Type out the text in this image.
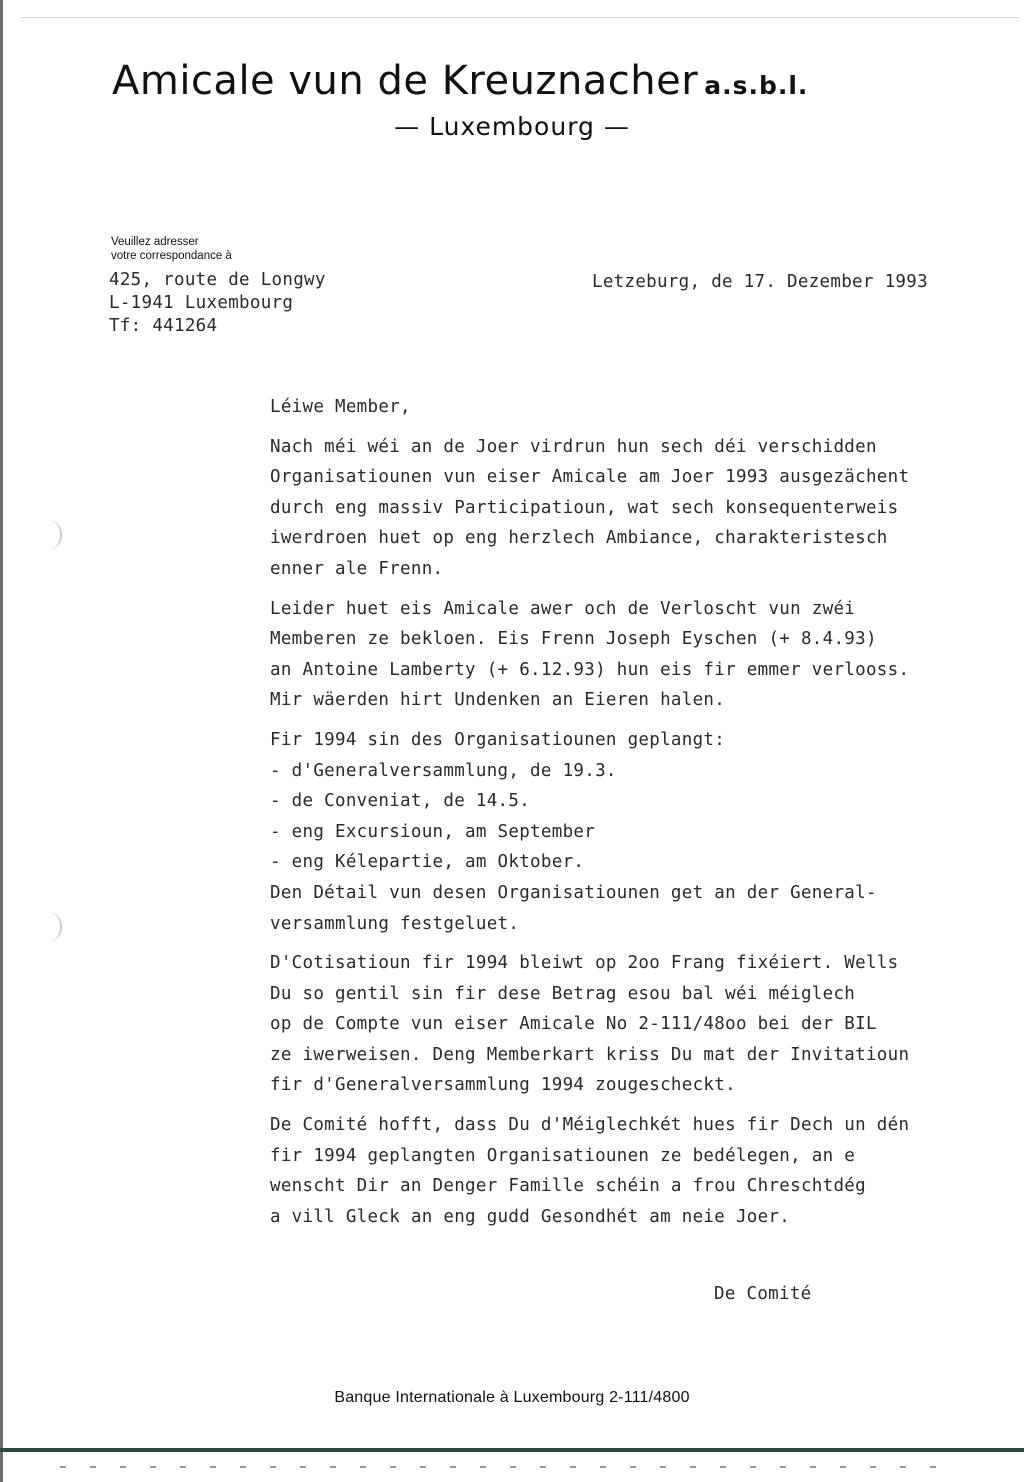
Amicale vun de Kreuznacher a.s.b.l.
— Luxembourg —
Veuillez adresser
votre correspondance à
425, route de Longwy
L-1941 Luxembourg
Tf: 441264
Letzeburg, de 17. Dezember 1993
Léiwe Member,
Nach méi wéi an de Joer virdrun hun sech déi verschidden
Organisatiounen vun eiser Amicale am Joer 1993 ausgezächent
durch eng massiv Participatioun, wat sech konsequenterweis
iwerdroen huet op eng herzlech Ambiance, charakteristesch
enner ale Frenn.
Leider huet eis Amicale awer och de Verloscht vun zwéi
Memberen ze bekloen. Eis Frenn Joseph Eyschen (+ 8.4.93)
an Antoine Lamberty (+ 6.12.93) hun eis fir emmer verlooss.
Mir wäerden hirt Undenken an Eieren halen.
Fir 1994 sin des Organisatiounen geplangt:
- d'Generalversammlung, de 19.3.
- de Conveniat, de 14.5.
- eng Excursioun, am September
- eng Kélepartie, am Oktober.
Den Détail vun desen Organisatiounen get an der General-
versammlung festgeluet.
D'Cotisatioun fir 1994 bleiwt op 2oo Frang fixéiert. Wells
Du so gentil sin fir dese Betrag esou bal wéi méiglech
op de Compte vun eiser Amicale No 2-111/48oo bei der BIL
ze iwerweisen. Deng Memberkart kriss Du mat der Invitatioun
fir d'Generalversammlung 1994 zougescheckt.
De Comité hofft, dass Du d'Méiglechkét hues fir Dech un dén
fir 1994 geplangten Organisatiounen ze bedélegen, an e
wenscht Dir an Denger Famille schéin a frou Chreschtdég
a vill Gleck an eng gudd Gesondhét am neie Joer.
De Comité
Banque Internationale à Luxembourg 2-111/4800
